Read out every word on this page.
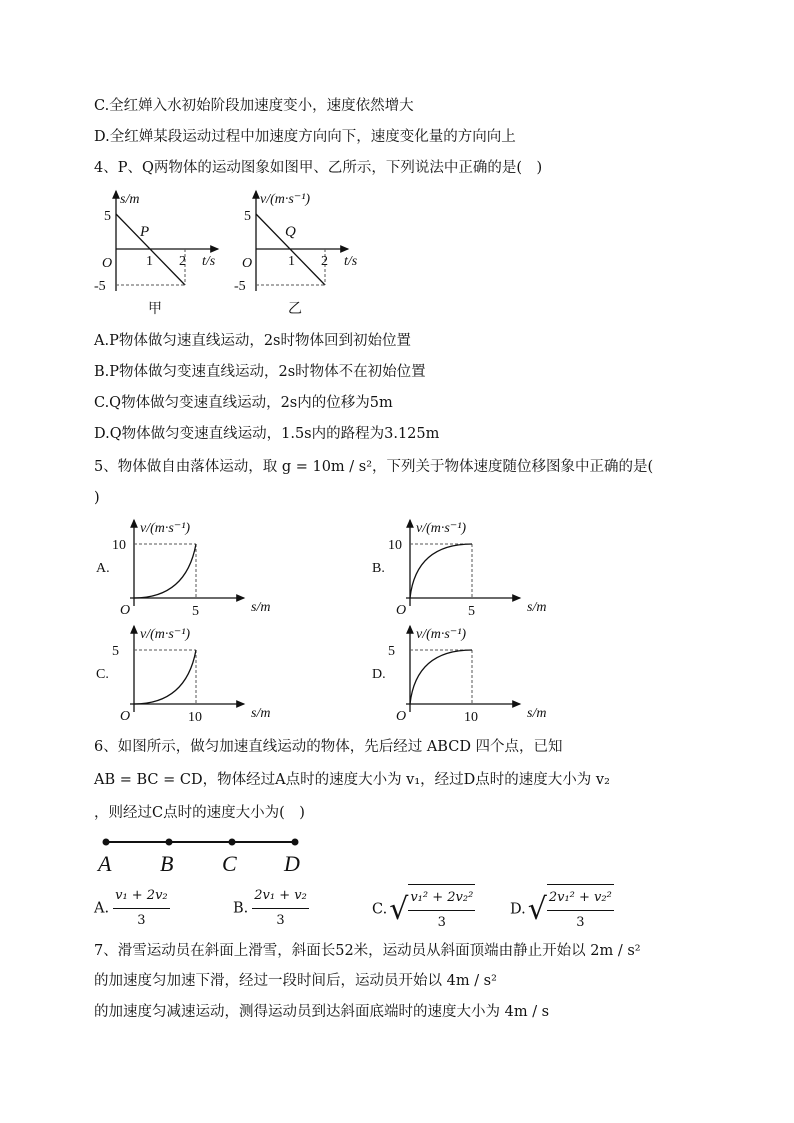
C.全红婵入水初始阶段加速度变小，速度依然增大
D.全红婵某段运动过程中加速度方向向下，速度变化量的方向向上
4、P、Q两物体的运动图象如图甲、乙所示，下列说法中正确的是(　)
s/m
5
P
O 1 2 t/s
-5
甲
v/(m·s⁻¹)
5
Q
O	1 2 t/s
-5
乙
A.P物体做匀速直线运动，2s时物体回到初始位置
B.P物体做匀变速直线运动，2s时物体不在初始位置
C.Q物体做匀变速直线运动，2s内的位移为5m
D.Q物体做匀变速直线运动，1.5s内的路程为3.125m
5、物体做自由落体运动，取 g = 10m / s²，下列关于物体速度随位移图象中正确的是(
)
A.
v/(m·s⁻¹)
10
O	5	s/m
B.
v/(m·s⁻¹)
10
O	5	s/m
C.
v/(m·s⁻¹)
5
O	10	s/m
D.
v/(m·s⁻¹)
5
O	10	s/m
6、如图所示，做匀加速直线运动的物体，先后经过 ABCD 四个点，已知
AB = BC = CD，物体经过A点时的速度大小为 v₁，经过D点时的速度大小为 v₂
，则经过C点时的速度大小为(　)
A B C D
A. $\frac{\text{v₁ + 2v₂}}{3}$	B. $\frac{\text{2v₁ + v₂}}{3}$	$C.√ \frac{\text{v₁² + 2v₂²}}{3} D.√ \frac{\text{2v₁² + v₂²}}{3}$
7、滑雪运动员在斜面上滑雪，斜面长52米，运动员从斜面顶端由静止开始以 2m / s²
的加速度匀加速下滑，经过一段时间后，运动员开始以 4m / s²
的加速度匀减速运动，测得运动员到达斜面底端时的速度大小为 4m / s
